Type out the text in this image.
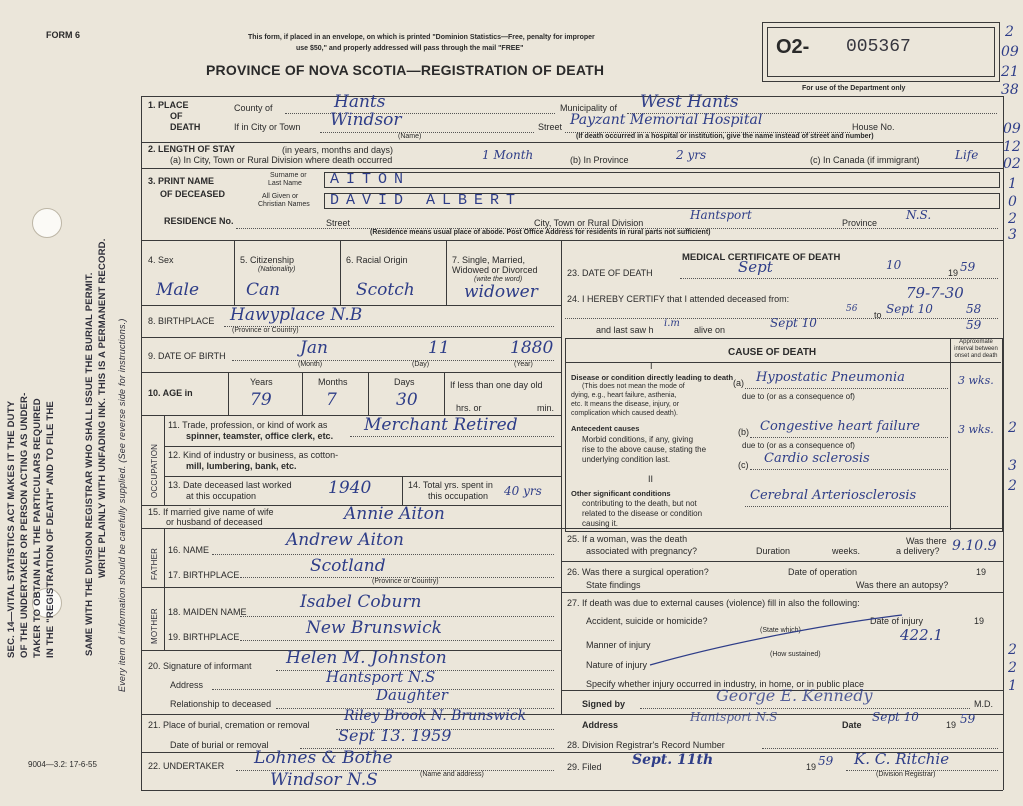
FORM 6
9004—3.2: 17-6-55
SEC. 14—VITAL STATISTICS ACT MAKES IT THE DUTY OF THE UNDERTAKER OR PERSON ACTING AS UNDER- TAKER TO OBTAIN ALL THE PARTICULARS REQUIRED IN THE "REGISTRATION OF DEATH" AND TO FILE THE	SAME WITH THE DIVISION REGISTRAR WHO SHALL ISSUE THE BURIAL PERMIT. WRITE PLAINLY WITH UNFADING INK. THIS IS A PERMANENT RECORD. Every item of information should be carefully supplied. (See reverse side for instructions.)
This form, if placed in an envelope, on which is printed "Dominion Statistics—Free, penalty for improper
use $50," and properly addressed will pass through the mail "FREE"
PROVINCE OF NOVA SCOTIA—REGISTRATION OF DEATH
O2- 005367
For use of the Department only
2
09
21
38
09
12
02
1
0
2
3
2
3
2
2
2
1
1. PLACE
OF
DEATH
County of	Hants	Municipality of West Hants
If in City or Town Windsor
(Name)
Street Payzant Memorial Hospital	House No.
(If death occurred in a hospital or institution, give the name instead of street and number)
2. LENGTH OF STAY	(in years, months and days)
(a) In City, Town or Rural Division where death occurred	1 Month	(b) In Province	2 yrs	(c) In Canada (if immigrant)	Life
3. PRINT NAME
OF DECEASED
Surname or
Last Name AITON
All Given or
Christian Names DAVID ALBERT
RESIDENCE No.	Street	City, Town or Rural Division
Hantsport
Province
N.S.
(Residence means usual place of abode. Post Office Address for residents in rural parts not sufficient)
4. Sex
Male
5. Citizenship
(Nationality)
Can
6. Racial Origin
Scotch
7. Single, Married,
Widowed or Divorced
(write the word)
widower
8. BIRTHPLACE Hawyplace N.B
(Province or Country)
9. DATE OF BIRTH	Jan	11	1880
(Month)	(Day)	(Year)
10. AGE in
Years	Months	Days
79	7	30
If less than one day old
hrs. or	min.
OCCUPATION
11. Trade, profession, or kind of work as
spinner, teamster, office clerk, etc.
Merchant Retired
12. Kind of industry or business, as cotton-
mill, lumbering, bank, etc.
13. Date deceased last worked
at this occupation	1940	14. Total yrs. spent in
this occupation 40 yrs
15. If married give name of wife
or husband of deceased	Annie Aiton
FATHER 16. NAME	Andrew Aiton
17. BIRTHPLACE	Scotland
(Province or Country)
MOTHER 18. MAIDEN NAME	Isabel Coburn
19. BIRTHPLACE	New Brunswick
20. Signature of informant Helen M. Johnston
Address	Hantsport N.S
Relationship to deceased	Daughter
21. Place of burial, cremation or removal
Riley Brook N. Brunswick
Date of burial or removal	Sept 13. 1959
22. UNDERTAKER Lohnes & Bothe
Windsor N.S	(Name and address)
MEDICAL CERTIFICATE OF DEATH
23. DATE OF DEATH	Sept	10
19 59
24. I HEREBY CERTIFY that I attended deceased from:	79-7-30
56
to Sept 10	58
and last saw h
i.m
alive on	Sept 10	59
CAUSE OF DEATH
Approximate interval between onset and death
I
Disease or condition directly leading to death
(This does not mean the mode of
dying, e.g., heart failure, asthenia,
etc. It means the disease, injury, or
complication which caused death).
(a) Hypostatic Pneumonia	3 wks.
due to (or as a consequence of)
Antecedent causes
Morbid conditions, if any, giving
rise to the above cause, stating the
underlying condition last.
(b) Congestive heart failure	3 wks.
due to (or as a consequence of)
(c) Cardio sclerosis
II
Other significant conditions
contributing to the death, but not
related to the disease or condition
causing it.
Cerebral Arteriosclerosis
25. If a woman, was the death
associated with pregnancy?	Duration	weeks.
Was there
a delivery? 9.10.9
26. Was there a surgical operation?	Date of operation	19
State findings	Was there an autopsy?
27. If death was due to external causes (violence) fill in also the following:
Accident, suicide or homicide?
(State which)
Date of injury	19
422.1
Manner of injury
(How sustained)
Nature of injury
Specify whether injury occurred in industry, in home, or in public place
Signed by	George E. Kennedy	M.D.
Address
Hantsport N.S
Date
Sept 10
19 59
28. Division Registrar's Record Number
29. Filed Sept. 11th	19 59 K. C. Ritchie
(Division Registrar)
